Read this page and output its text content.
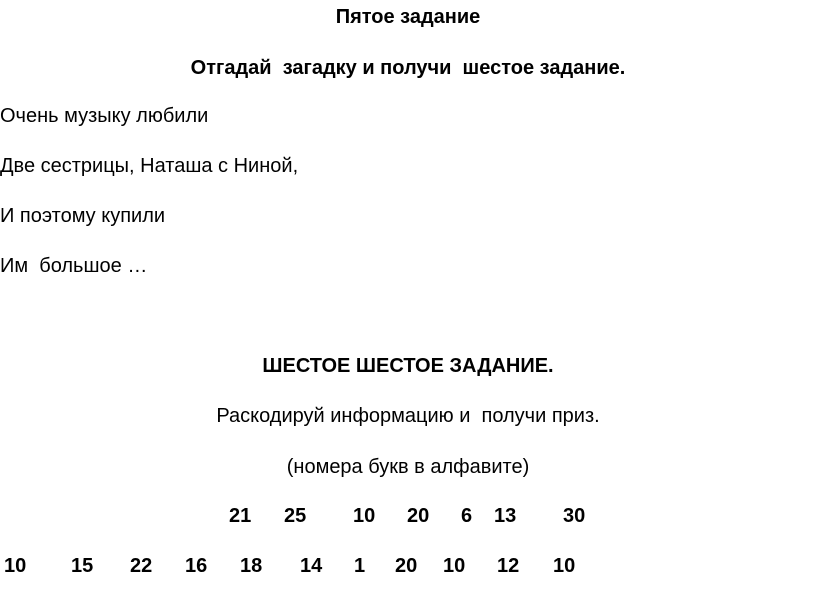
Пятое задание
Отгадай  загадку и получи  шестое задание.
Очень музыку любили
Две сестрицы, Наташа с Ниной,
И поэтому купили
Им  большое …
ШЕСТОЕ ШЕСТОЕ ЗАДАНИЕ.
Раскодируй информацию и  получи приз.
(номера букв в алфавите)
21 25 10 20 6 13 30
10 15 22 16 18 14 1 20 10 12 10
